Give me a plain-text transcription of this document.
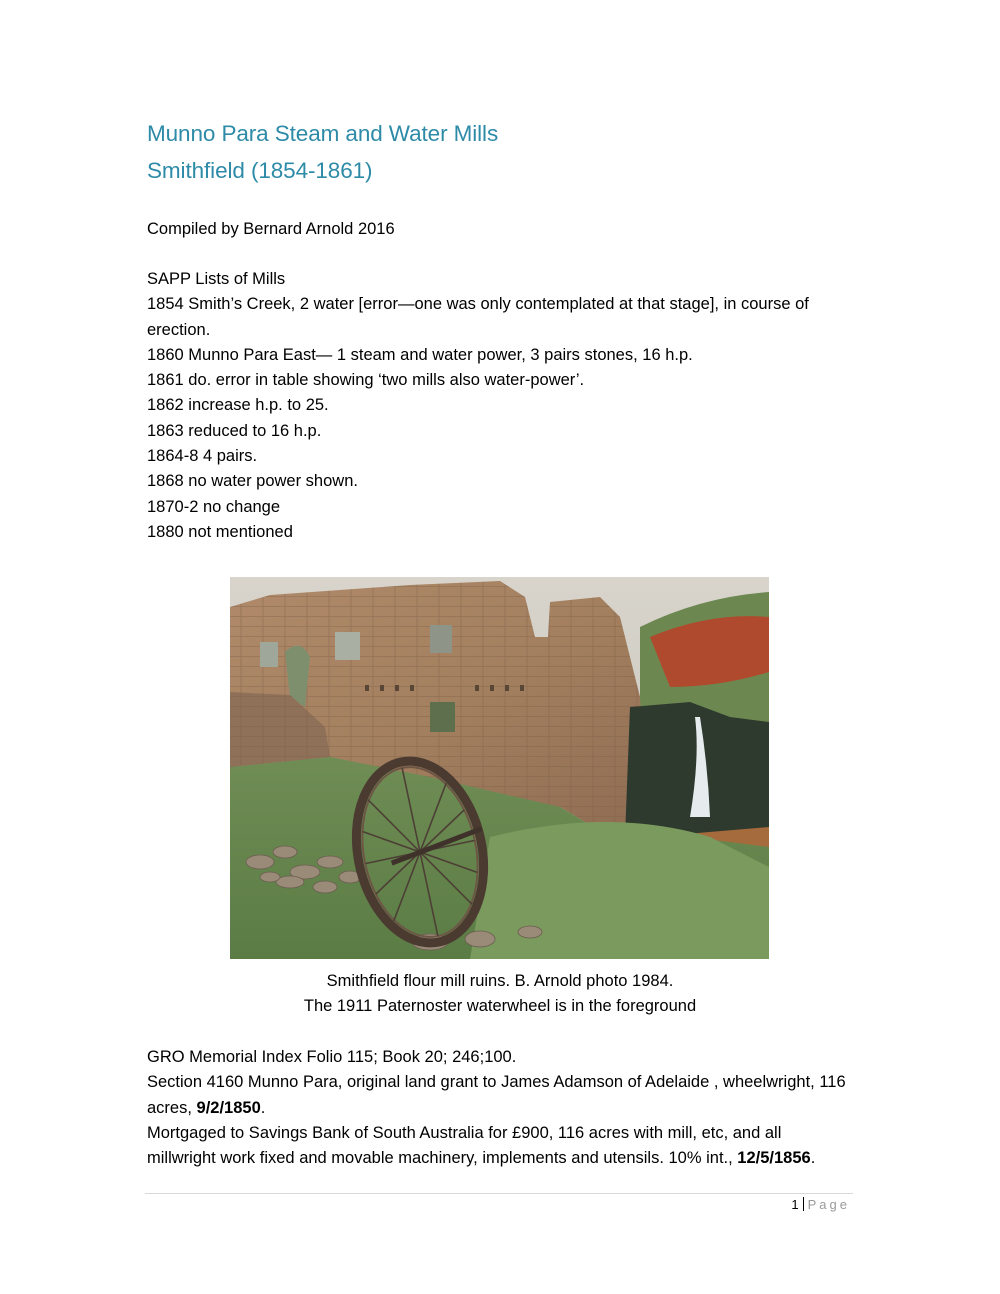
Munno Para Steam and Water Mills
Smithfield (1854-1861)
Compiled by Bernard Arnold 2016
SAPP Lists of Mills
1854 Smith’s Creek, 2 water [error—one was only contemplated at that stage], in course of
erection.
1860 Munno Para East— 1 steam and water power, 3 pairs stones, 16 h.p.
1861 do. error in table showing ‘two mills also water-power’.
1862 increase h.p. to 25.
1863 reduced to 16 h.p.
1864-8 4 pairs.
1868 no water power shown.
1870-2 no change
1880 not mentioned
Smithfield flour mill ruins. B. Arnold photo 1984.
The 1911 Paternoster waterwheel is in the foreground
GRO Memorial Index Folio 115; Book 20; 246;100.
Section 4160 Munno Para, original land grant to James Adamson of Adelaide , wheelwright, 116
acres, 9/2/1850.
Mortgaged to Savings Bank of South Australia for £900, 116 acres with mill, etc, and all
millwright work fixed and movable machinery, implements and utensils. 10% int., 12/5/1856.
1 Page
